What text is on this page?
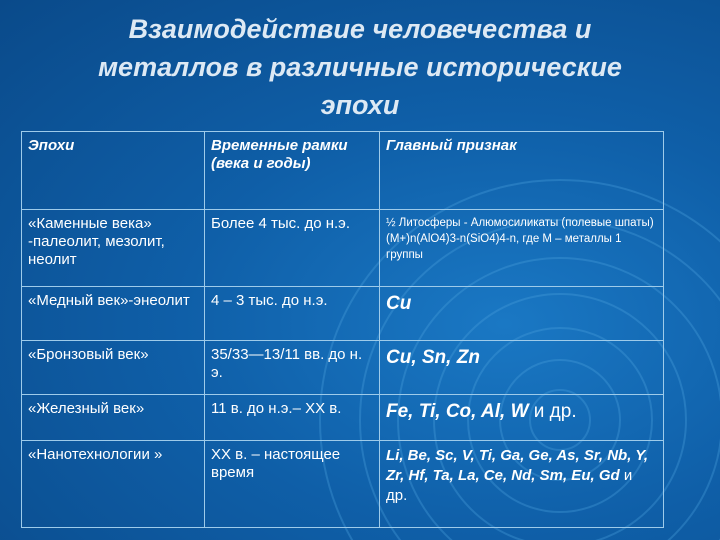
Взаимодействие человечества и
металлов в различные исторические
эпохи
Эпохи	Временные рамки (века и годы)	Главный признак
«Каменные века» -палеолит, мезолит, неолит	Более 4 тыс. до н.э.	½ Литосферы - Алюмосиликаты (полевые шпаты) (M+)n(AlO4)3-n(SiO4)4-n, где M – металлы 1 группы
«Медный век»-энеолит	4 – 3 тыс. до н.э.	Cu
«Бронзовый век»	35/33—13/11 вв. до н. э.	Cu, Sn, Zn
«Железный век»	11 в. до н.э.– XX в.	Fe, Ti, Co, Al, W и др.
«Нанотехнологии »	XX в. – настоящее время	Li, Be, Sc, V, Ti, Ga, Ge, As, Sr, Nb, Y, Zr, Hf, Ta, La, Ce, Nd, Sm, Eu, Gd и др.
